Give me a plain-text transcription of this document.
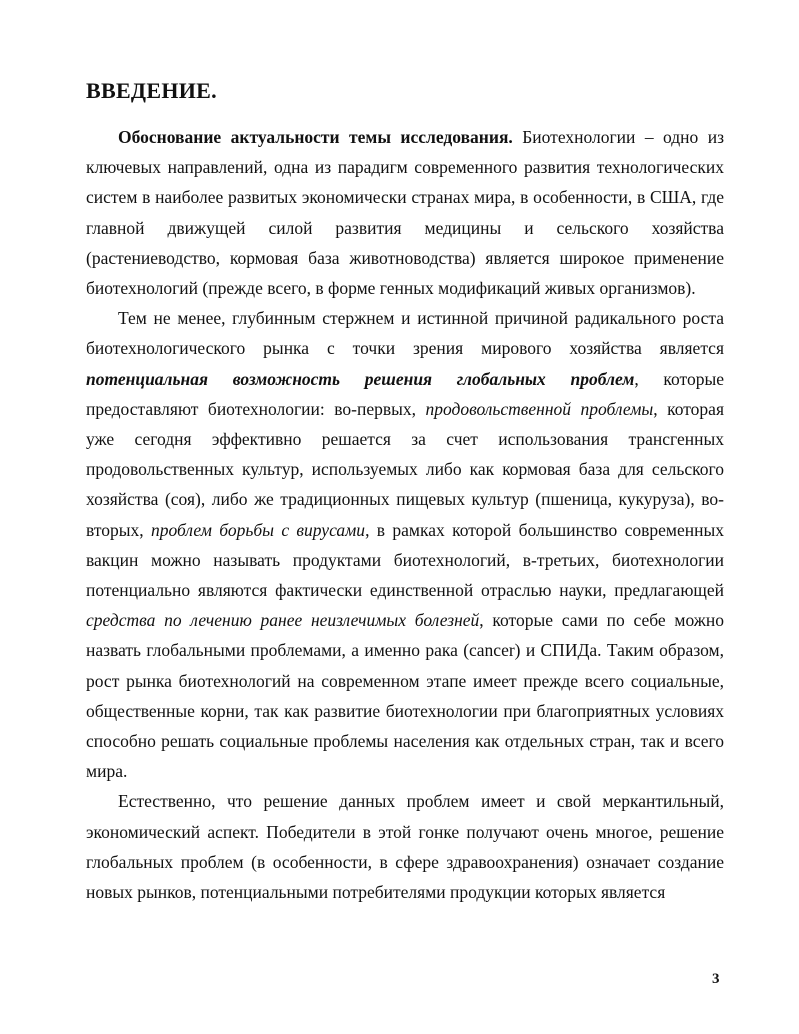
ВВЕДЕНИЕ.

Обоснование актуальности темы исследования. Биотехнологии – одно из ключевых направлений, одна из парадигм современного развития технологических систем в наиболее развитых экономически странах мира, в особенности, в США, где главной движущей силой развития медицины и сельского хозяйства (растениеводство, кормовая база животноводства) является широкое применение биотехнологий (прежде всего, в форме генных модификаций живых организмов).

Тем не менее, глубинным стержнем и истинной причиной радикального роста биотехнологического рынка с точки зрения мирового хозяйства является потенциальная возможность решения глобальных проблем, которые предоставляют биотехнологии: во-первых, продовольственной проблемы, которая уже сегодня эффективно решается за счет использования трансгенных продовольственных культур, используемых либо как кормовая база для сельского хозяйства (соя), либо же традиционных пищевых культур (пшеница, кукуруза), во-вторых, проблем борьбы с вирусами, в рамках которой большинство современных вакцин можно называть продуктами биотехнологий, в-третьих, биотехнологии потенциально являются фактически единственной отраслью науки, предлагающей средства по лечению ранее неизлечимых болезней, которые сами по себе можно назвать глобальными проблемами, а именно рака (cancer) и СПИДа. Таким образом, рост рынка биотехнологий на современном этапе имеет прежде всего социальные, общественные корни, так как развитие биотехнологии при благоприятных условиях способно решать социальные проблемы населения как отдельных стран, так и всего мира.

Естественно, что решение данных проблем имеет и свой меркантильный, экономический аспект. Победители в этой гонке получают очень многое, решение глобальных проблем (в особенности, в сфере здравоохранения) означает создание новых рынков, потенциальными потребителями продукции которых является

3
